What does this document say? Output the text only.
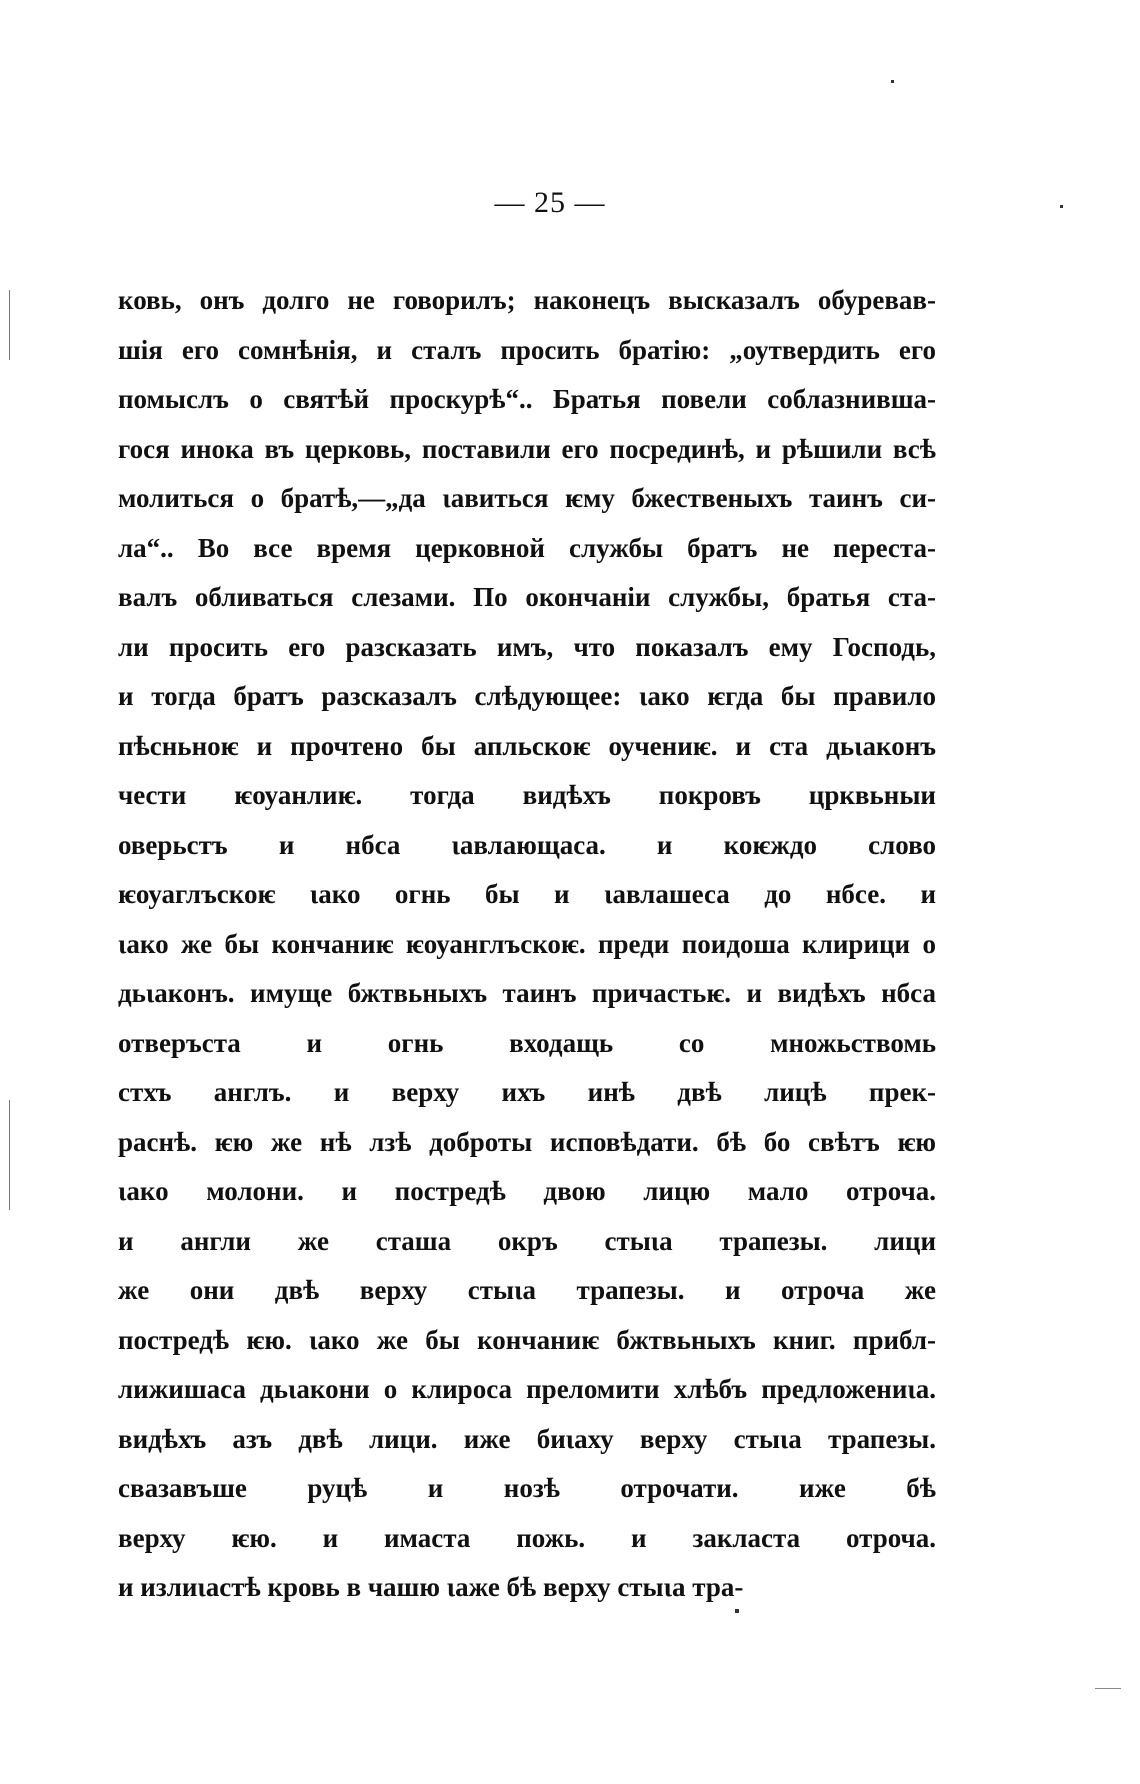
— 25 —
ковь, онъ долго не говорилъ; наконецъ высказалъ обуревав-
шія его сомнѣнія, и сталъ просить братію: „оутвердить его
помыслъ о святѣй проскурѣ“.. Братья повели соблазнивша-
гося инока въ церковь, поставили его посрединѣ, и рѣшили всѣ
молиться о братѣ,—„да ιавиться ѥму бжественыхъ таинъ си-
ла“.. Во все время церковной службы братъ не переста-
валъ обливаться слезами. По окончаніи службы, братья ста-
ли просить его разсказать имъ, что показалъ ему Господь,
и тогда братъ разсказалъ слѣдующее: ιако ѥгда бы правило
пѣсньноѥ и прочтено бы апльскоѥ оучениѥ. и ста дьιаконъ
чести ѥоуанлиѥ. тогда видѣхъ покровъ црквьныи
оверьстъ и нбса ιавлающаса. и коѥждо слово
ѥоуаглъскоѥ ιако огнь бы и ιавлашеса до нбсе. и
ιако же бы кончаниѥ ѥоуанглъскоѥ. преди поидоша клирици о
дьιаконъ. имуще бжтвьныхъ таинъ причастьѥ. и видѣхъ нбса
отверъста и огнь входащь со множьствомь
стхъ англъ. и верху ихъ инѣ двѣ лицѣ прек-
раснѣ. ѥю же нѣ лзѣ доброты исповѣдати. бѣ бо свѣтъ ѥю
ιако молони. и постредѣ двою лицю мало отроча.
и англи же сташа окръ стыιа трапезы. лици
же они двѣ верху стыιа трапезы. и отроча же
постредѣ ѥю. ιако же бы кончаниѥ бжтвьныхъ книг. прибл-
лижишаса дьιакони о клироса преломити хлѣбъ предложениιа.
видѣхъ азъ двѣ лици. иже биιаху верху стыιа трапезы.
свазавъше руцѣ и нозѣ отрочати. иже бѣ
верху ѥю. и имаста пожь. и закласта отроча.
и излиιастѣ кровь в чашю ιаже бѣ верху стыιа тра-
